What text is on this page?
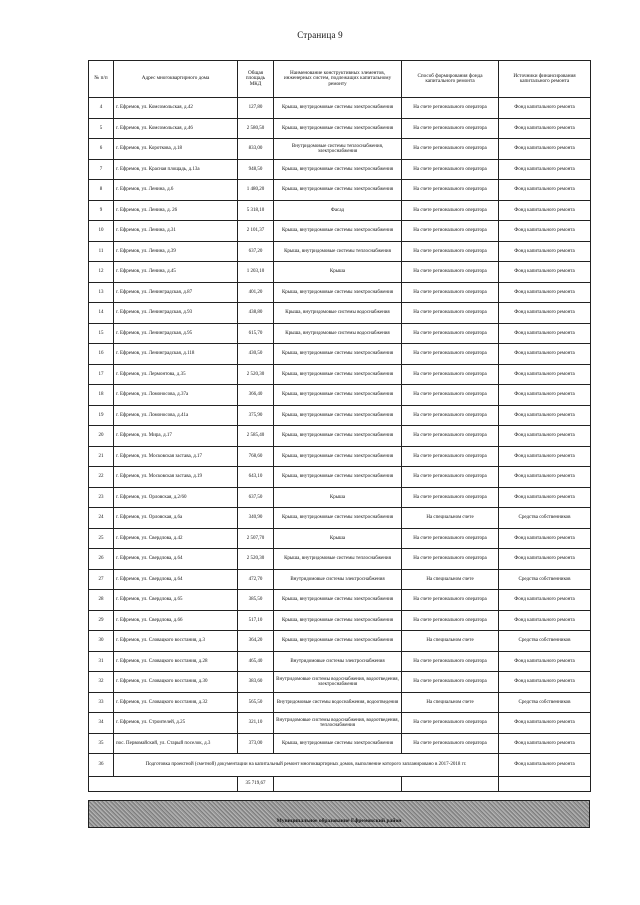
Страница 9
№ п/п	Адрес многоквартирного дома	Общая площадь МКД	Наименование конструктивных элементов, инженерных систем, подлежащих капитальному ремонту	Способ формирования фонда капитального ремонта	Источники финансирования капитального ремонта
4	г. Ефремов, ул. Комсомольская, д.42	127,80	Крыша, внутридомовые системы электроснабжения	На счете регионального оператора	Фонд капитального ремонта
5	г. Ефремов, ул. Комсомольская, д.46	2 580,50	Крыша, внутридомовые системы электроснабжения	На счете регионального оператора	Фонд капитального ремонта
6	г. Ефремов, ул. Короткова, д.18	833,00	Внутридомовые системы теплоснабжения, электроснабжения	На счете регионального оператора	Фонд капитального ремонта
7	г. Ефремов, ул. Красная площадь, д.13а	948,50	Крыша, внутридомовые системы электроснабжения	На счете регионального оператора	Фонд капитального ремонта
8	г. Ефремов, ул. Ленина, д.6	1 480,20	Крыша, внутридомовые системы электроснабжения	На счете регионального оператора	Фонд капитального ремонта
9	г. Ефремов, ул. Ленина, д. 26	5 318,10	Фасад	На счете регионального оператора	Фонд капитального ремонта
10	г. Ефремов, ул. Ленина, д.31	2 101,37	Крыша, внутридомовые системы электроснабжения	На счете регионального оператора	Фонд капитального ремонта
11	г. Ефремов, ул. Ленина, д.39	637,20	Крыша, внутридомовые системы теплоснабжения	На счете регионального оператора	Фонд капитального ремонта
12	г. Ефремов, ул. Ленина, д.45	1 203,10	Крыша	На счете регионального оператора	Фонд капитального ремонта
13	г. Ефремов, ул. Ленинградская, д.87	401,20	Крыша, внутридомовые системы электроснабжения	На счете регионального оператора	Фонд капитального ремонта
14	г. Ефремов, ул. Ленинградская, д.93	438,80	Крыша, внутридомовые системы водоснабжения	На счете регионального оператора	Фонд капитального ремонта
15	г. Ефремов, ул. Ленинградская, д.95	615,70	Крыша, внутридомовые системы водоснабжения	На счете регионального оператора	Фонд капитального ремонта
16	г. Ефремов, ул. Ленинградская, д.118	430,50	Крыша, внутридомовые системы электроснабжения	На счете регионального оператора	Фонд капитального ремонта
17	г. Ефремов, ул. Лермонтова, д.35	2 520,30	Крыша, внутридомовые системы электроснабжения	На счете регионального оператора	Фонд капитального ремонта
18	г. Ефремов, ул. Ломоносова, д.37а	366,40	Крыша, внутридомовые системы электроснабжения	На счете регионального оператора	Фонд капитального ремонта
19	г. Ефремов, ул. Ломоносова, д.41а	375,90	Крыша, внутридомовые системы электроснабжения	На счете регионального оператора	Фонд капитального ремонта
20	г. Ефремов, ул. Мира, д.17	2 585,40	Крыша, внутридомовые системы электроснабжения	На счете регионального оператора	Фонд капитального ремонта
21	г. Ефремов, ул. Московская застава, д.17	768,60	Крыша, внутридомовые системы электроснабжения	На счете регионального оператора	Фонд капитального ремонта
22	г. Ефремов, ул. Московская застава, д.19	643,10	Крыша, внутридомовые системы электроснабжения	На счете регионального оператора	Фонд капитального ремонта
23	г. Ефремов, ул. Орловская, д.2/60	637,50	Крыша	На счете регионального оператора	Фонд капитального ремонта
24	г. Ефремов, ул. Орловская, д.6а	340,90	Крыша, внутридомовые системы электроснабжения	На специальном счете	Средства собственников
25	г. Ефремов, ул. Свердлова, д.42	2 507,70	Крыша	На счете регионального оператора	Фонд капитального ремонта
26	г. Ефремов, ул. Свердлова, д.64	2 520,30	Крыша, внутридомовые системы теплоснабжения	На счете регионального оператора	Фонд капитального ремонта
27	г. Ефремов, ул. Свердлова, д.64	472,70	Внутридомовые системы электроснабжения	На специальном счете	Средства собственников
28	г. Ефремов, ул. Свердлова, д.65	385,50	Крыша, внутридомовые системы электроснабжения	На счете регионального оператора	Фонд капитального ремонта
29	г. Ефремов, ул. Свердлова, д.66	517,10	Крыша, внутридомовые системы электроснабжения	На счете регионального оператора	Фонд капитального ремонта
30	г. Ефремов, ул. Словацкого восстания, д.3	364,20	Крыша, внутридомовые системы электроснабжения	На специальном счете	Средства собственников
31	г. Ефремов, ул. Словацкого восстания, д.28	465,40	Внутридомовые системы электроснабжения	На счете регионального оператора	Фонд капитального ремонта
32	г. Ефремов, ул. Словацкого восстания, д.30	383,60	Внутридомовые системы водоснабжения, водоотведения, электроснабжения	На счете регионального оператора	Фонд капитального ремонта
33	г. Ефремов, ул. Словацкого восстания, д.32	565,50	Внутридомовые системы водоснабжения, водоотведения	На специальном счете	Средства собственников
34	г. Ефремов, ул. Строителей, д.25	321,10	Внутридомовые системы водоснабжения, водоотведения, теплоснабжения	На счете регионального оператора	Фонд капитального ремонта
35	пос. Первомайский, ул. Старый поселок, д.3	373,00	Крыша, внутридомовые системы электроснабжения	На счете регионального оператора	Фонд капитального ремонта
36	Подготовка проектной (сметной) документации на капитальный ремонт многоквартирных домов, выполнение которого запланировано в 2017-2018 гг.				Фонд капитального ремонта
		35 719,67			
Муниципальное образование Ефремовский район
